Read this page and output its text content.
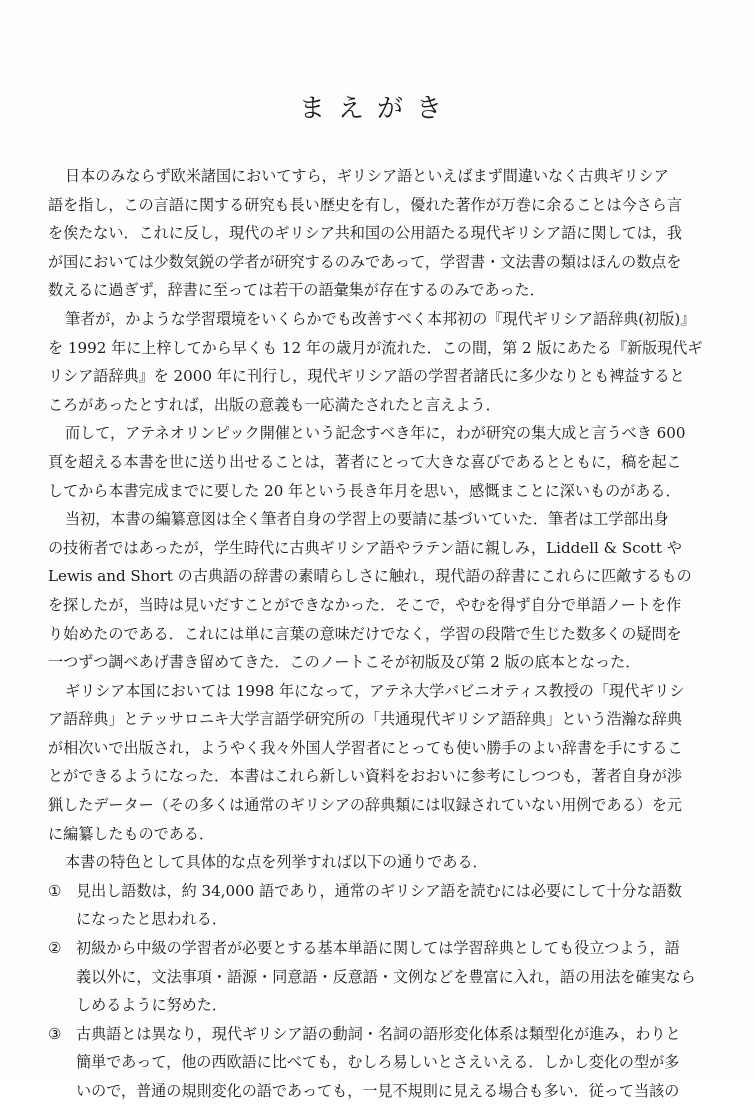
まえがき
日本のみならず欧米諸国においてすら，ギリシア語といえばまず間違いなく古典ギリシア
語を指し，この言語に関する研究も長い歴史を有し，優れた著作が万巻に余ることは今さら言
を俟たない．これに反し，現代のギリシア共和国の公用語たる現代ギリシア語に関しては，我
が国においては少数気鋭の学者が研究するのみであって，学習書・文法書の類はほんの数点を
数えるに過ぎず，辞書に至っては若干の語彙集が存在するのみであった．
筆者が，かような学習環境をいくらかでも改善すべく本邦初の『現代ギリシア語辞典(初版)』
を 1992 年に上梓してから早くも 12 年の歳月が流れた．この間，第 2 版にあたる『新版現代ギ
リシア語辞典』を 2000 年に刊行し，現代ギリシア語の学習者諸氏に多少なりとも裨益すると
ころがあったとすれば，出版の意義も一応満たされたと言えよう．
而して，アテネオリンピック開催という記念すべき年に，わが研究の集大成と言うべき 600
頁を超える本書を世に送り出せることは，著者にとって大きな喜びであるとともに，稿を起こ
してから本書完成までに要した 20 年という長き年月を思い，感慨まことに深いものがある．
当初，本書の編纂意図は全く筆者自身の学習上の要請に基づいていた．筆者は工学部出身
の技術者ではあったが，学生時代に古典ギリシア語やラテン語に親しみ，Liddell & Scott や
Lewis and Short の古典語の辞書の素晴らしさに触れ，現代語の辞書にこれらに匹敵するもの
を探したが，当時は見いだすことができなかった．そこで，やむを得ず自分で単語ノートを作
り始めたのである．これには単に言葉の意味だけでなく，学習の段階で生じた数多くの疑問を
一つずつ調べあげ書き留めてきた．このノートこそが初版及び第 2 版の底本となった．
ギリシア本国においては 1998 年になって，アテネ大学バビニオティス教授の「現代ギリシ
ア語辞典」とテッサロニキ大学言語学研究所の「共通現代ギリシア語辞典」という浩瀚な辞典
が相次いで出版され，ようやく我々外国人学習者にとっても使い勝手のよい辞書を手にするこ
とができるようになった．本書はこれら新しい資料をおおいに参考にしつつも，著者自身が渉
猟したデーター（その多くは通常のギリシアの辞典類には収録されていない用例である）を元
に編纂したものである．
本書の特色として具体的な点を列挙すれば以下の通りである．
① 見出し語数は，約 34,000 語であり，通常のギリシア語を読むには必要にして十分な語数
になったと思われる．
② 初級から中級の学習者が必要とする基本単語に関しては学習辞典としても役立つよう，語
義以外に，文法事項・語源・同意語・反意語・文例などを豊富に入れ，語の用法を確実なら
しめるように努めた．
③ 古典語とは異なり，現代ギリシア語の動詞・名詞の語形変化体系は類型化が進み，わりと
簡単であって，他の西欧語に比べても，むしろ易しいとさえいえる．しかし変化の型が多
いので，普通の規則変化の語であっても，一見不規則に見える場合も多い．従って当該の
